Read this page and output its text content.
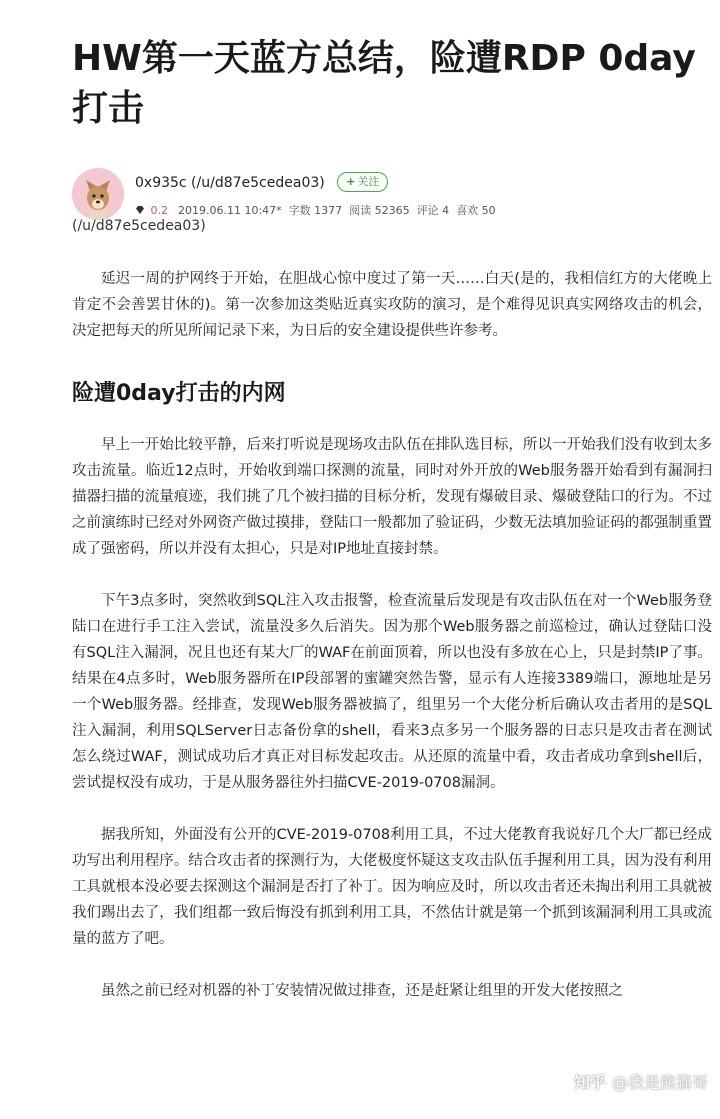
HW第一天蓝方总结，险遭RDP 0day打击
0x935c (/u/d87e5cedea03) + 关注
0.2 2019.06.11 10:47* 字数 1377 阅读 52365 评论 4 喜欢 50
(/u/d87e5cedea03)

延迟一周的护网终于开始，在胆战心惊中度过了第一天……白天(是的，我相信红方的大佬晚上肯定不会善罢甘休的)。第一次参加这类贴近真实攻防的演习，是个难得见识真实网络攻击的机会，决定把每天的所见所闻记录下来，为日后的安全建设提供些许参考。

险遭0day打击的内网

早上一开始比较平静，后来打听说是现场攻击队伍在排队选目标，所以一开始我们没有收到太多攻击流量。临近12点时，开始收到端口探测的流量，同时对外开放的Web服务器开始看到有漏洞扫描器扫描的流量痕迹，我们挑了几个被扫描的目标分析，发现有爆破目录、爆破登陆口的行为。不过之前演练时已经对外网资产做过摸排，登陆口一般都加了验证码，少数无法填加验证码的都强制重置成了强密码，所以并没有太担心，只是对IP地址直接封禁。

下午3点多时，突然收到SQL注入攻击报警，检查流量后发现是有攻击队伍在对一个Web服务登陆口在进行手工注入尝试，流量没多久后消失。因为那个Web服务器之前巡检过，确认过登陆口没有SQL注入漏洞，况且也还有某大厂的WAF在前面顶着，所以也没有多放在心上，只是封禁IP了事。结果在4点多时，Web服务器所在IP段部署的蜜罐突然告警，显示有人连接3389端口，源地址是另一个Web服务器。经排查，发现Web服务器被搞了，组里另一个大佬分析后确认攻击者用的是SQL注入漏洞，利用SQLServer日志备份拿的shell，看来3点多另一个服务器的日志只是攻击者在测试怎么绕过WAF，测试成功后才真正对目标发起攻击。从还原的流量中看，攻击者成功拿到shell后，尝试提权没有成功，于是从服务器往外扫描CVE-2019-0708漏洞。

据我所知，外面没有公开的CVE-2019-0708利用工具，不过大佬教育我说好几个大厂都已经成功写出利用程序。结合攻击者的探测行为，大佬极度怀疑这支攻击队伍手握利用工具，因为没有利用工具就根本没必要去探测这个漏洞是否打了补丁。因为响应及时，所以攻击者还未掏出利用工具就被我们踢出去了，我们组都一致后悔没有抓到利用工具，不然估计就是第一个抓到该漏洞利用工具或流量的蓝方了吧。

虽然之前已经对机器的补丁安装情况做过排查，还是赶紧让组里的开发大佬按照之

知乎 @我是熊猫哥
